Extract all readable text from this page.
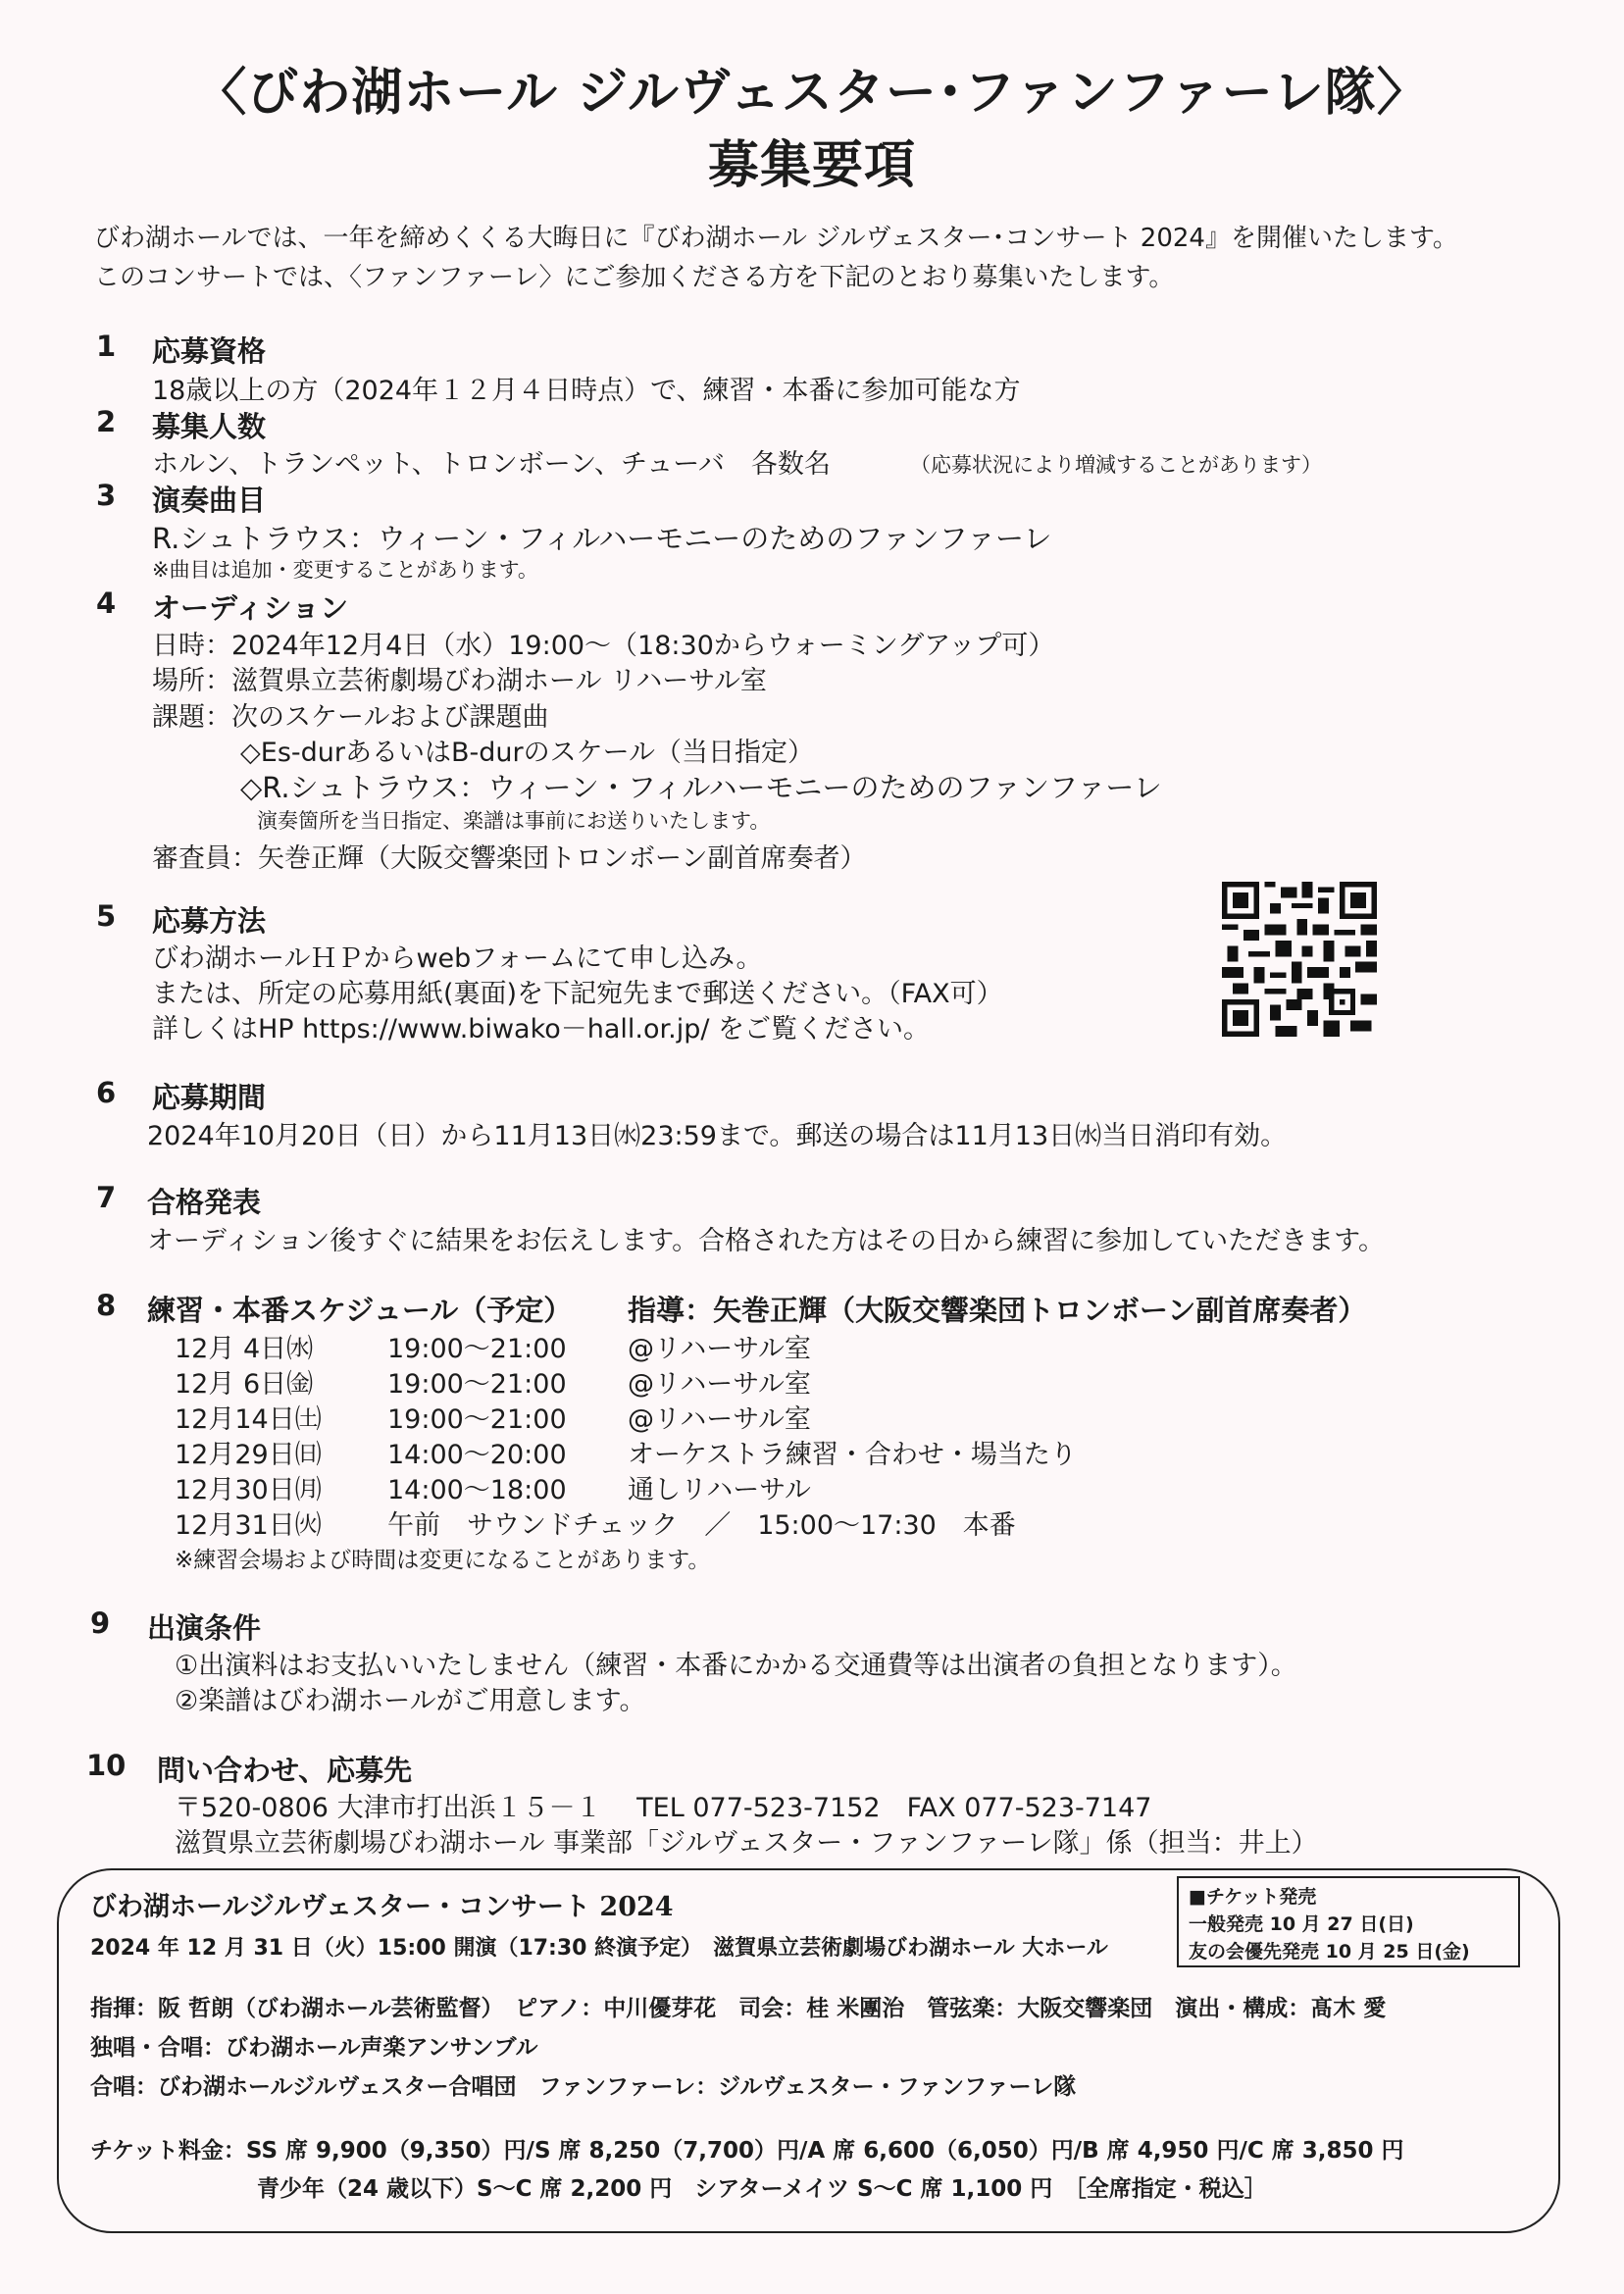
〈びわ湖ホール ジルヴェスター･ファンファーレ隊〉
募集要項
びわ湖ホールでは、一年を締めくくる大晦日に『びわ湖ホール ジルヴェスター･コンサート 2024』を開催いたします。
このコンサートでは、〈ファンファーレ〉にご参加くださる方を下記のとおり募集いたします。
1 応募資格
18歳以上の方（2024年１２月４日時点）で、練習・本番に参加可能な方
2 募集人数
ホルン、トランペット、トロンボーン、チューバ　各数名	（応募状況により増減することがあります）
3 演奏曲目
R.シュトラウス：ウィーン・フィルハーモニーのためのファンファーレ
※曲目は追加・変更することがあります。
4 オーディション
日時：2024年12月4日（水）19:00～（18:30からウォーミングアップ可）
場所：滋賀県立芸術劇場びわ湖ホール リハーサル室
課題：次のスケールおよび課題曲
◇Es-durあるいはB-durのスケール（当日指定）
◇R.シュトラウス：ウィーン・フィルハーモニーのためのファンファーレ
演奏箇所を当日指定、楽譜は事前にお送りいたします。
審査員：矢巻正輝（大阪交響楽団トロンボーン副首席奏者）
5 応募方法
びわ湖ホールＨＰからwebフォームにて申し込み。
または、所定の応募用紙(裏面)を下記宛先まで郵送ください。（FAX可）
詳しくはHP https://www.biwako－hall.or.jp/ をご覧ください。
6 応募期間
2024年10月20日（日）から11月13日㈬23:59まで。郵送の場合は11月13日㈬当日消印有効。
7 合格発表
オーディション後すぐに結果をお伝えします。合格された方はその日から練習に参加していただきます。
8 練習・本番スケジュール（予定） 指導：矢巻正輝（大阪交響楽団トロンボーン副首席奏者）
12月 4日㈬	19:00～21:00 @リハーサル室
12月 6日㈮	19:00～21:00 @リハーサル室
12月14日㈯ 19:00～21:00 @リハーサル室
12月29日㈰ 14:00～20:00 オーケストラ練習・合わせ・場当たり
12月30日㈪ 14:00～18:00 通しリハーサル
12月31日㈫ 午前　サウンドチェック　／　15:00～17:30　本番
※練習会場および時間は変更になることがあります。
9 出演条件
①出演料はお支払いいたしません（練習・本番にかかる交通費等は出演者の負担となります）。
②楽譜はびわ湖ホールがご用意します。
10 問い合わせ、応募先
〒520-0806 大津市打出浜１５－１　 TEL 077-523-7152　FAX 077-523-7147
滋賀県立芸術劇場びわ湖ホール 事業部「ジルヴェスター・ファンファーレ隊」係（担当：井上）
びわ湖ホールジルヴェスター・コンサート 2024
2024 年 12 月 31 日（火）15:00 開演（17:30 終演予定）　滋賀県立芸術劇場びわ湖ホール 大ホール
■チケット発売
一般発売 10 月 27 日(日)
友の会優先発売 10 月 25 日(金)
指揮：阪 哲朗（びわ湖ホール芸術監督）　ピアノ：中川優芽花　司会：桂 米團治　管弦楽：大阪交響楽団　演出・構成：髙木 愛
独唱・合唱：びわ湖ホール声楽アンサンブル
合唱：びわ湖ホールジルヴェスター合唱団　ファンファーレ：ジルヴェスター・ファンファーレ隊
チケット料金：SS 席 9,900（9,350）円/S 席 8,250（7,700）円/A 席 6,600（6,050）円/B 席 4,950 円/C 席 3,850 円
青少年（24 歳以下）S～C 席 2,200 円　シアターメイツ S～C 席 1,100 円　［全席指定・税込］
